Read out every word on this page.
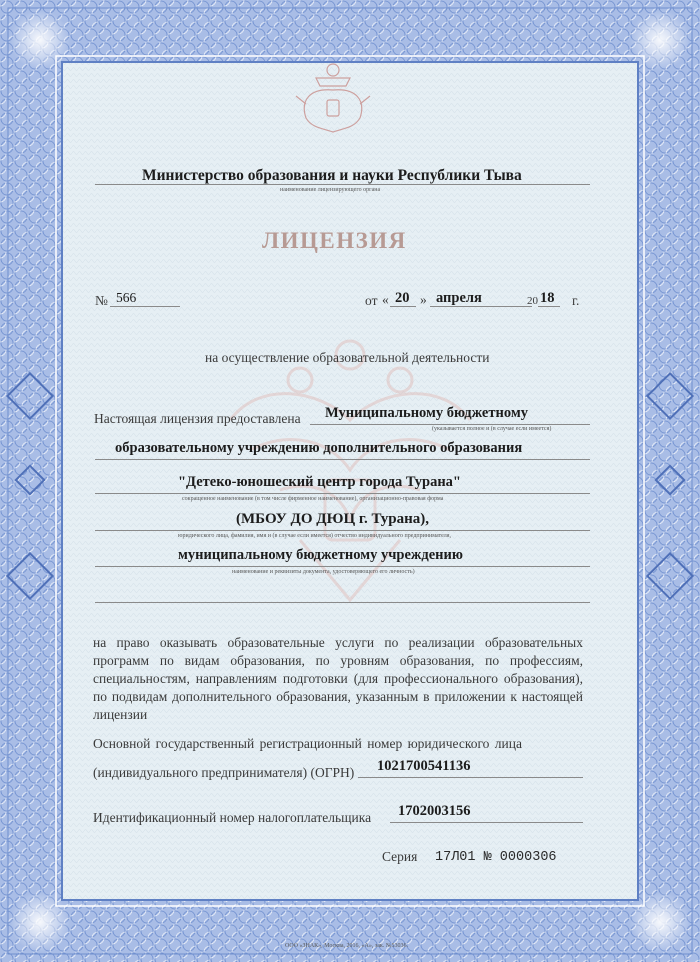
Министерство образования и науки Республики Тыва
наименование лицензирующего органа
ЛИЦЕНЗИЯ
№ 566	от « 20 » апреля	20 18 г.
на осуществление образовательной деятельности
Настоящая лицензия предоставлена Муниципальному бюджетному
(указывается полное и (в случае если имеется)
образовательному учреждению дополнительного образования
"Детеко-юношеский центр города Турана"
сокращенное наименование (в том числе фирменное наименование), организационно-правовая форма
(МБОУ ДО ДЮЦ г. Турана),
юридического лица, фамилия, имя и (в случае если имеется) отчество индивидуального предпринимателя,
муниципальному бюджетному учреждению
наименование и реквизиты документа, удостоверяющего его личность)
на право оказывать образовательные услуги по реализации образовательных программ по видам образования, по уровням образования, по профессиям, специальностям, направлениям подготовки (для профессионального образования), по подвидам дополнительного образования, указанным в приложении к настоящей лицензии
Основной государственный регистрационный номер юридического лица
(индивидуального предпринимателя) (ОГРН) 1021700541136
Идентификационный номер налогоплательщика 1702003156
Серия 17Л01 № 0000306
ООО «ЗНАК», Москва, 2016, «А», зак. №53036.
